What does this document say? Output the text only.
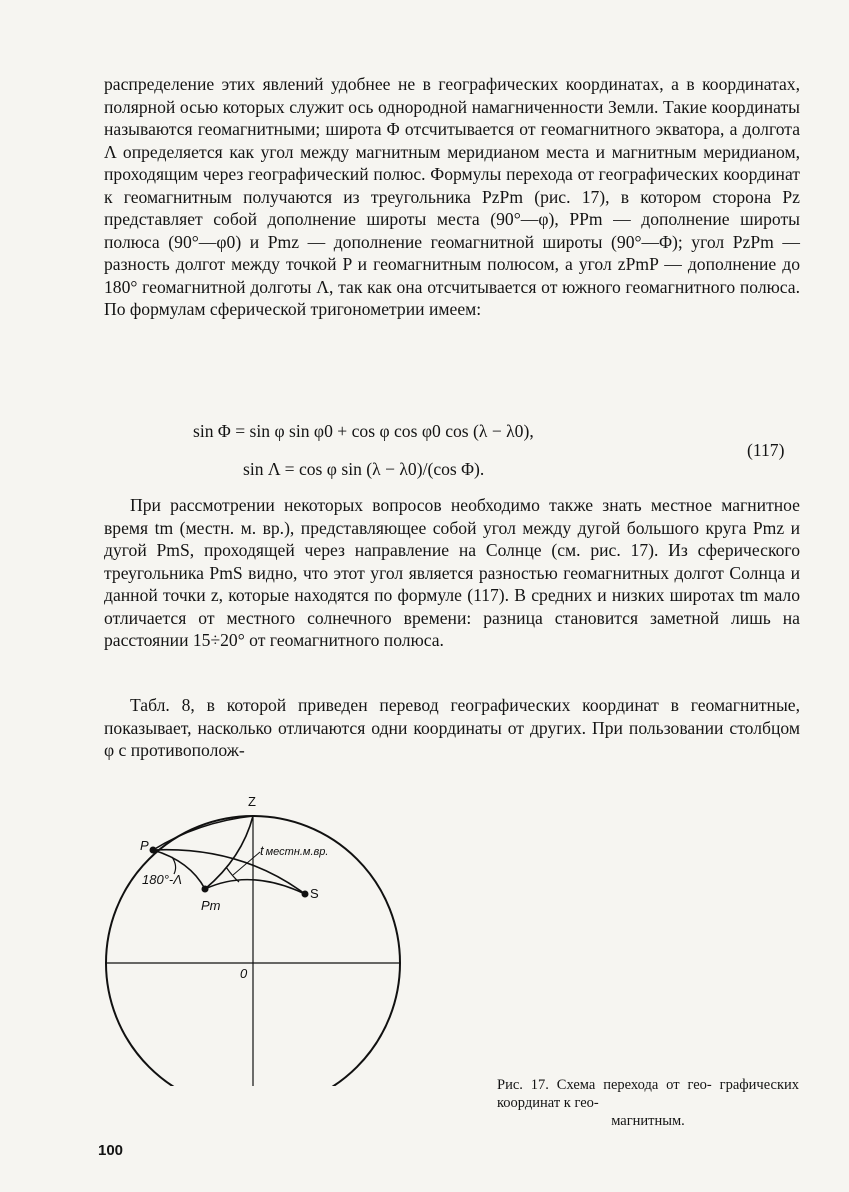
распределение этих явлений удобнее не в географических координатах, а в координатах, полярной осью которых служит ось однородной намагниченности Земли. Такие координаты называются геомагнитными; широта Φ отсчитывается от геомагнитного экватора, а долгота Λ определяется как угол между магнитным меридианом места и магнитным меридианом, проходящим через географический полюс. Формулы перехода от географических координат к геомагнитным получаются из треугольника PzPm (рис. 17), в котором сторона Pz представляет собой дополнение широты места (90°—φ), PPm — дополнение широты полюса (90°—φ0) и Pmz — дополнение геомагнитной широты (90°—Φ); угол PzPm — разность долгот между точкой P и геомагнитным полюсом, а угол zPmP — дополнение до 180° геомагнитной долготы Λ, так как она отсчитывается от южного геомагнитного полюса. По формулам сферической тригонометрии имеем:

sin Φ = sin φ sin φ0 + cos φ cos φ0 cos (λ − λ0),
sin Λ = cos φ sin (λ − λ0)/(cos Φ).
(117)

При рассмотрении некоторых вопросов необходимо также знать местное магнитное время tm (местн. м. вр.), представляющее собой угол между дугой большого круга Pmz и дугой PmS, проходящей через направление на Солнце (см. рис. 17). Из сферического треугольника PmS видно, что этот угол является разностью геомагнитных долгот Солнца и данной точки z, которые находятся по формуле (117). В средних и низких широтах tm мало отличается от местного солнечного времени: разница становится заметной лишь на расстоянии 15÷20° от геомагнитного полюса.

Табл. 8, в которой приведен перевод географических координат в геомагнитные, показывает, насколько отличаются одни координаты от других. При пользовании столбцом φ с противополож-

Z
P
Pm
S
0
180°-Λ
t местн.м.вр.

Рис. 17. Схема перехода от гео- графических координат к гео-
магнитным.

100
